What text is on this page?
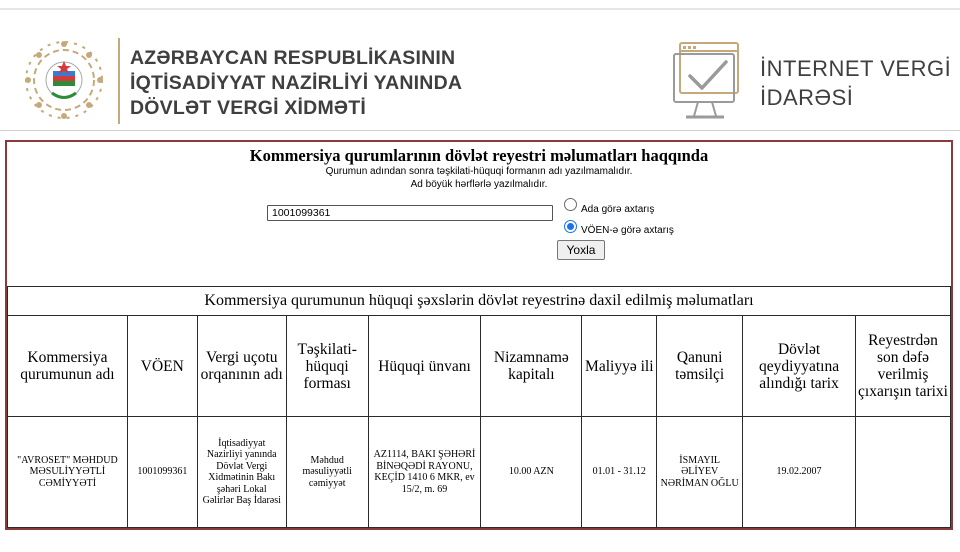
AZƏRBAYCAN RESPUBLİKASININ
İQTİSADİYYAT NAZİRLİYİ YANINDA
DÖVLƏT VERGİ XİDMƏTİ
İNTERNET VERGİ
İDARƏSİ
Kommersiya qurumlarının dövlət reyestri məlumatları haqqında
Qurumun adından sonra təşkilati-hüquqi formanın adı yazılmamalıdır.
Ad böyük hərflərlə yazılmalıdır.
1001099361
Ada görə axtarış
VÖEN-ə görə axtarış
Yoxla
Kommersiya qurumunun hüquqi şəxslərin dövlət reyestrinə daxil edilmiş məlumatları									
Kommersiya qurumunun adı	VÖEN	Vergi uçotu orqanının adı	Təşkilati-hüquqi forması	Hüquqi ünvanı	Nizamnamə kapitalı	Maliyyə ili	Qanuni təmsilçi	Dövlət qeydiyyatına alındığı tarix	Reyestrdən son dəfə verilmiş çıxarışın tarixi
"AVROSET" MƏHDUD MƏSULİYYƏTLİ CƏMİYYƏTİ	1001099361	İqtisadiyyat Nazirliyi yanında Dövlət Vergi Xidmətinin Bakı şəhəri Lokal Gəlirlər Baş İdarəsi	Məhdud məsuliyyətli cəmiyyət	AZ1114, BAKI ŞƏHƏRİ BİNƏQƏDİ RAYONU, KEÇİD 1410 6 MKR, ev 15/2, m. 69	10.00 AZN	01.01 - 31.12	İSMAYIL ƏLİYEV NƏRİMAN OĞLU	19.02.2007	
